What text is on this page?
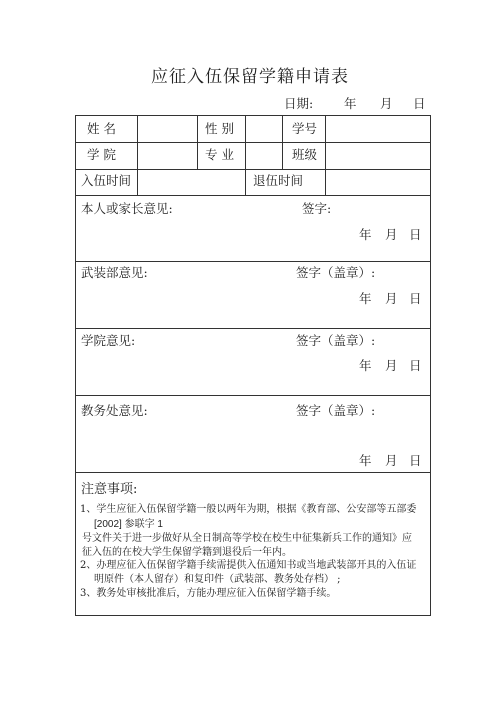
应征入伍保留学籍申请表
日期: 年 月 日
姓 名	性 别	学号
学 院	专 业	班级
入伍时间	退伍时间
本人或家长意见:	签字:
年 月 日
武装部意见:	签字（盖章）:
年 月 日
学院意见:	签字（盖章）:
年 月 日
教务处意见:	签字（盖章）:
年 月 日
注意事项:
1、学生应征入伍保留学籍一般以两年为期，根据《教育部、公安部等五部委
[2002] 参联字 1
号文件关于进一步做好从全日制高等学校在校生中征集新兵工作的通知》应
征入伍的在校大学生保留学籍到退役后一年内。
2、办理应征入伍保留学籍手续需提供入伍通知书或当地武装部开具的入伍证
明原件（本人留存）和复印件（武装部、教务处存档） ;
3、教务处审核批准后，方能办理应征入伍保留学籍手续。
